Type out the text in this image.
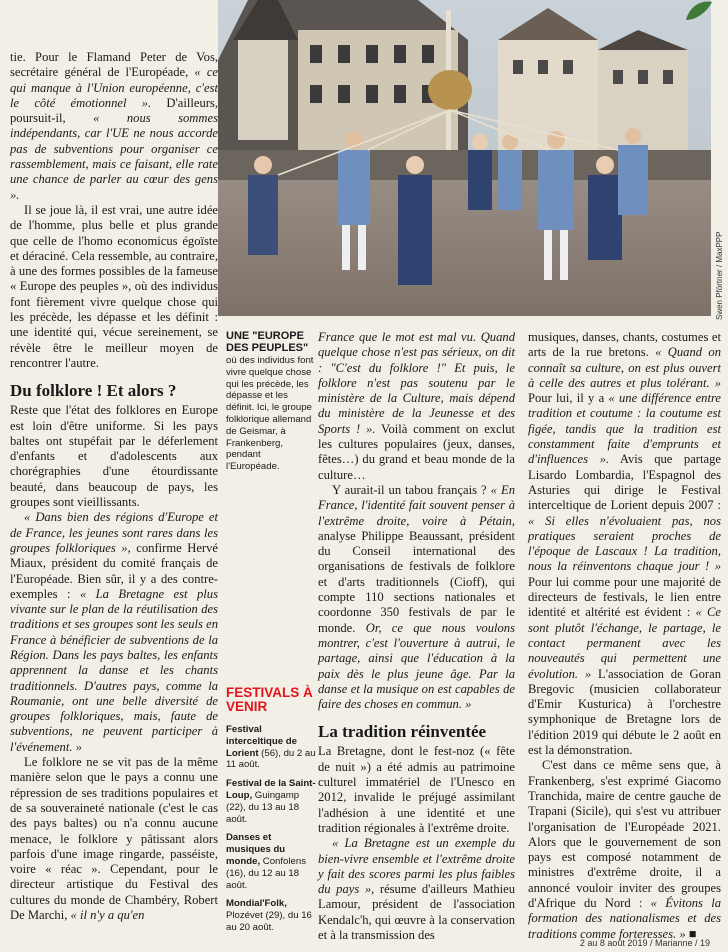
tie. Pour le Flamand Peter de Vos, secrétaire général de l'Européade, « ce qui manque à l'Union européenne, c'est le côté émotionnel ». D'ailleurs, poursuit-il, « nous sommes indépendants, car l'UE ne nous accorde pas de subventions pour organiser ce rassemblement, mais ce faisant, elle rate une chance de parler au cœur des gens ».

Il se joue là, il est vrai, une autre idée de l'homme, plus belle et plus grande que celle de l'homo economicus égoïste et déraciné. Cela ressemble, au contraire, à une des formes possibles de la fameuse « Europe des peuples », où des individus font fièrement vivre quelque chose qui les précède, les dépasse et les définit : une identité qui, vécue sereinement, se révèle être le meilleur moyen de rencontrer l'autre.

Du folklore ! Et alors ?

Reste que l'état des folklores en Europe est loin d'être uniforme. Si les pays baltes ont stupéfait par le déferlement d'enfants et d'adolescents aux chorégraphies d'une étourdissante beauté, dans beaucoup de pays, les groupes sont vieillissants.

« Dans bien des régions d'Europe et de France, les jeunes sont rares dans les groupes folkloriques », confirme Hervé Miaux, président du comité français de l'Européade. Bien sûr, il y a des contre-exemples : « La Bretagne est plus vivante sur le plan de la réutilisation des traditions et ses groupes sont les seuls en France à bénéficier de subventions de la Région. Dans les pays baltes, les enfants apprennent la danse et les chants traditionnels. D'autres pays, comme la Roumanie, ont une belle diversité de groupes folkloriques, mais, faute de subventions, ne peuvent participer à l'événement. »

Le folklore ne se vit pas de la même manière selon que le pays a connu une répression de ses traditions populaires et de sa souveraineté nationale (c'est le cas des pays baltes) ou n'a connu aucune menace, le folklore y pâtissant alors parfois d'une image ringarde, passéiste, voire « réac ». Cependant, pour le directeur artistique du Festival des cultures du monde de Chambéry, Robert De Marchi, « il n'y a qu'en

Swen Pförtner / MaxPPP
UNE "EUROPE DES PEUPLES"
où des individus font vivre quelque chose qui les précède, les dépasse et les définit. Ici, le groupe folklorique allemand de Geismar, à Frankenberg, pendant l'Européade.
FESTIVALS À VENIR
Festival interceltique de Lorient (56), du 2 au 11 août.
Festival de la Saint-Loup, Guingamp (22), du 13 au 18 août.
Danses et musiques du monde, Confolens (16), du 12 au 18 août.
Mondial'Folk, Plozévet (29), du 16 au 20 août.

France que le mot est mal vu. Quand quelque chose n'est pas sérieux, on dit : "C'est du folklore !" Et puis, le folklore n'est pas soutenu par le ministère de la Culture, mais dépend du ministère de la Jeunesse et des Sports ! ». Voilà comment on exclut les cultures populaires (jeux, danses, fêtes…) du grand et beau monde de la culture…

Y aurait-il un tabou français ? « En France, l'identité fait souvent penser à l'extrême droite, voire à Pétain, analyse Philippe Beaussant, président du Conseil international des organisations de festivals de folklore et d'arts traditionnels (Cioff), qui compte 110 sections nationales et coordonne 350 festivals de par le monde. Or, ce que nous voulons montrer, c'est l'ouverture à autrui, le partage, ainsi que l'éducation à la paix dès le plus jeune âge. Par la danse et la musique on est capables de faire des choses en commun. »

La tradition réinventée

La Bretagne, dont le fest-noz (« fête de nuit ») a été admis au patrimoine culturel immatériel de l'Unesco en 2012, invalide le préjugé assimilant l'adhésion à une identité et une tradition régionales à l'extrême droite.

« La Bretagne est un exemple du bien-vivre ensemble et l'extrême droite y fait des scores parmi les plus faibles du pays », résume d'ailleurs Mathieu Lamour, président de l'association Kendalc'h, qui œuvre à la conservation et à la transmission des

musiques, danses, chants, costumes et arts de la rue bretons. « Quand on connaît sa culture, on est plus ouvert à celle des autres et plus tolérant. » Pour lui, il y a « une différence entre tradition et coutume : la coutume est figée, tandis que la tradition est constamment faite d'emprunts et d'influences ». Avis que partage Lisardo Lombardia, l'Espagnol des Asturies qui dirige le Festival interceltique de Lorient depuis 2007 : « Si elles n'évoluaient pas, nos pratiques seraient proches de l'époque de Lascaux ! La tradition, nous la réinventons chaque jour ! » Pour lui comme pour une majorité de directeurs de festivals, le lien entre identité et altérité est évident : « Ce sont plutôt l'échange, le partage, le contact permanent avec les nouveautés qui permettent une évolution. » L'association de Goran Bregovic (musicien collaborateur d'Emir Kusturica) à l'orchestre symphonique de Bretagne lors de l'édition 2019 qui débute le 2 août en est la démonstration.

C'est dans ce même sens que, à Frankenberg, s'est exprimé Giacomo Tranchida, maire de centre gauche de Trapani (Sicile), qui s'est vu attribuer l'organisation de l'Européade 2021. Alors que le gouvernement de son pays est composé notamment de ministres d'extrême droite, il a annoncé vouloir inviter des groupes d'Afrique du Nord : « Évitons la formation des nationalismes et des traditions comme forteresses. » ■

2 au 8 août 2019 / Marianne / 19
